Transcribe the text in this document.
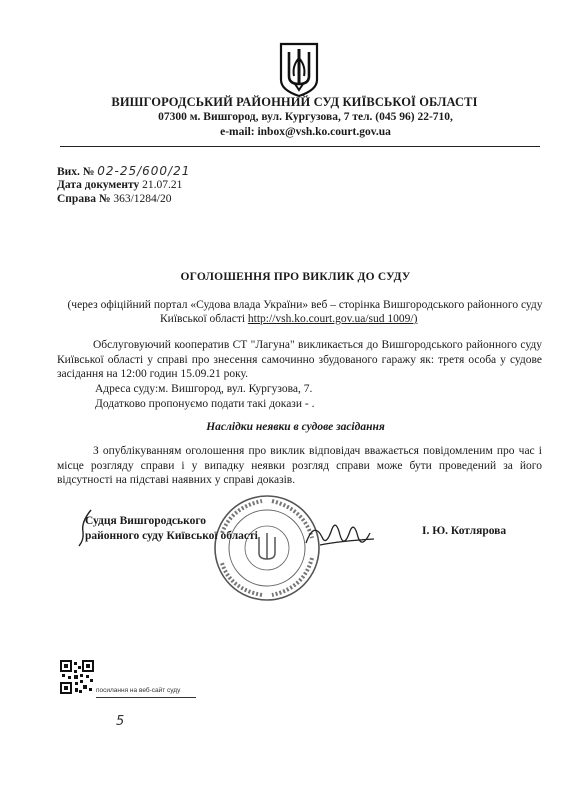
ВИШГОРОДСЬКИЙ РАЙОННИЙ СУД КИЇВСЬКОЇ ОБЛАСТІ
07300 м. Вишгород, вул. Кургузова, 7 тел. (045 96) 22-710,
e-mail: inbox@vsh.ko.court.gov.ua
Вих. № 02-25/600/21
Дата документу 21.07.21
Справа № 363/1284/20
ОГОЛОШЕННЯ ПРО ВИКЛИК ДО СУДУ
(через офіційний портал «Судова влада України» веб – сторінка Вишгородського районного суду
Київської області http://vsh.ko.court.gov.ua/sud 1009/)
Обслуговуючий кооператив СТ "Лагуна" викликається до Вишгородського районного суду Київської області у справі про знесення самочинно збудованого гаражу як: третя особа у судове засідання на 12:00 годин 15.09.21 року.
Адреса суду:м. Вишгород, вул. Кургузова, 7.
Додатково пропонуємо подати такі докази - .
Наслідки неявки в судове засідання
З опублікуванням оголошення про виклик відповідач вважається повідомленим про час і місце розгляду справи і у випадку неявки розгляд справи може бути проведений за його відсутності на підставі наявних у справі доказів.
Судця Вишгородського
районного суду Київської області	І. Ю. Котлярова
посилання на веб-сайт суду
5
